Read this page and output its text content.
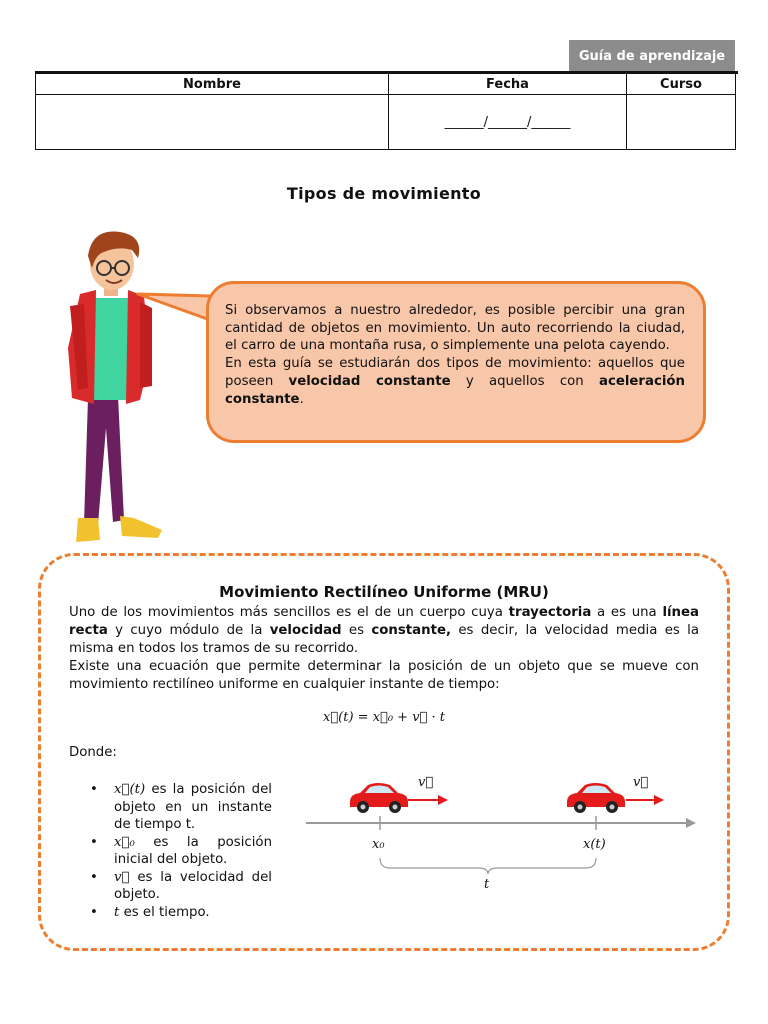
Guía de aprendizaje
Nombre	Fecha	Curso
	______/______/______	
Tipos de movimiento

Si observamos a nuestro alrededor, es posible percibir una gran cantidad de objetos en movimiento. Un auto recorriendo la ciudad, el carro de una montaña rusa, o simplemente una pelota cayendo.

En esta guía se estudiarán dos tipos de movimiento: aquellos que poseen velocidad constante y aquellos con aceleración constante.

Movimiento Rectilíneo Uniforme (MRU)

Uno de los movimientos más sencillos es el de un cuerpo cuya trayectoria a es una línea recta y cuyo módulo de la velocidad es constante, es decir, la velocidad media es la misma en todos los tramos de su recorrido.

Existe una ecuación que permite determinar la posición de un objeto que se mueve con movimiento rectilíneo uniforme en cualquier instante de tiempo:

x⃗(t) = x⃗₀ + v⃗ · t
Donde:
• x⃗(t) es la posición del objeto en un instante de tiempo t.
• x⃗₀ es la posición inicial del objeto.
• v⃗ es la velocidad del objeto.
• t es el tiempo.
v⃗	v⃗
x₀	x(t)
t
